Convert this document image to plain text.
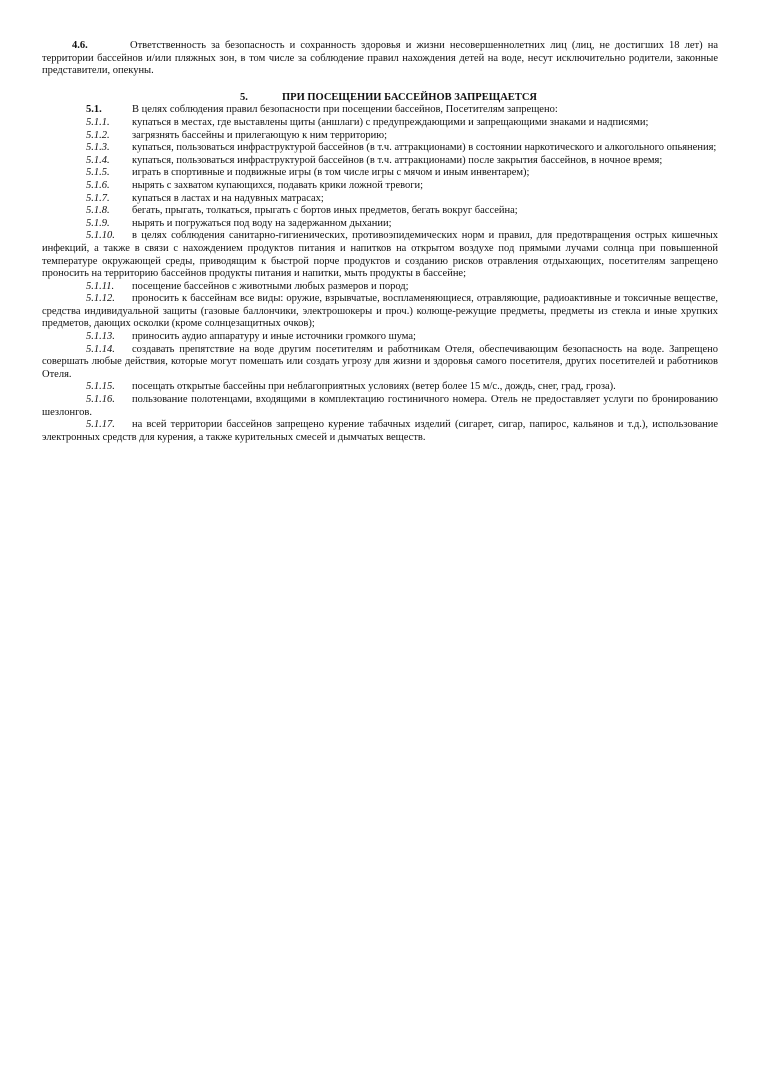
4.6.	Ответственность за безопасность и сохранность здоровья и жизни несовершеннолетних лиц (лиц, не достигших 18 лет) на территории бассейнов и/или пляжных зон, в том числе за соблюдение правил нахождения детей на воде, несут исключительно родители, законные представители, опекуны.

5.	ПРИ ПОСЕЩЕНИИ БАССЕЙНОВ ЗАПРЕЩАЕТСЯ

5.1.	В целях соблюдения правил безопасности при посещении бассейнов, Посетителям запрещено:

5.1.1. купаться в местах, где выставлены щиты (аншлаги) с предупреждающими и запрещающими знаками и надписями;

5.1.2. загрязнять бассейны и прилегающую к ним территорию;

5.1.3. купаться, пользоваться инфраструктурой бассейнов (в т.ч. аттракционами) в состоянии наркотического и алкогольного опьянения;

5.1.4. купаться, пользоваться инфраструктурой бассейнов (в т.ч. аттракционами) после закрытия бассейнов, в ночное время;

5.1.5. играть в спортивные и подвижные игры (в том числе игры с мячом и иным инвентарем);

5.1.6. нырять с захватом купающихся, подавать крики ложной тревоги;

5.1.7. купаться в ластах и на надувных матрасах;

5.1.8. бегать, прыгать, толкаться, прыгать с бортов иных предметов, бегать вокруг бассейна;

5.1.9. нырять и погружаться под воду на задержанном дыхании;

5.1.10. в целях соблюдения санитарно-гигиенических, противоэпидемических норм и правил, для предотвращения острых кишечных инфекций, а также в связи с нахождением продуктов питания и напитков на открытом воздухе под прямыми лучами солнца при повышенной температуре окружающей среды, приводящим к быстрой порче продуктов и созданию рисков отравления отдыхающих, посетителям запрещено проносить на территорию бассейнов продукты питания и напитки, мыть продукты в бассейне;

5.1.11. посещение бассейнов с животными любых размеров и пород;

5.1.12. проносить к бассейнам все виды: оружие, взрывчатые, воспламеняющиеся, отравляющие, радиоактивные и токсичные веществе, средства индивидуальной защиты (газовые баллончики, электрошокеры и проч.) колюще-режущие предметы, предметы из стекла и иные хрупких предметов, дающих осколки (кроме солнцезащитных очков);

5.1.13. приносить аудио аппаратуру и иные источники громкого шума;

5.1.14. создавать препятствие на воде другим посетителям и работникам Отеля, обеспечивающим безопасность на воде. Запрещено совершать любые действия, которые могут помешать или создать угрозу для жизни и здоровья самого посетителя, других посетителей и работников Отеля.

5.1.15. посещать открытые бассейны при неблагоприятных условиях (ветер более 15 м/с., дождь, снег, град, гроза).

5.1.16. пользование полотенцами, входящими в комплектацию гостиничного номера. Отель не предоставляет услуги по бронированию шезлонгов.

5.1.17. на всей территории бассейнов запрещено курение табачных изделий (сигарет, сигар, папирос, кальянов и т.д.), использование электронных средств для курения, а также курительных смесей и дымчатых веществ.
